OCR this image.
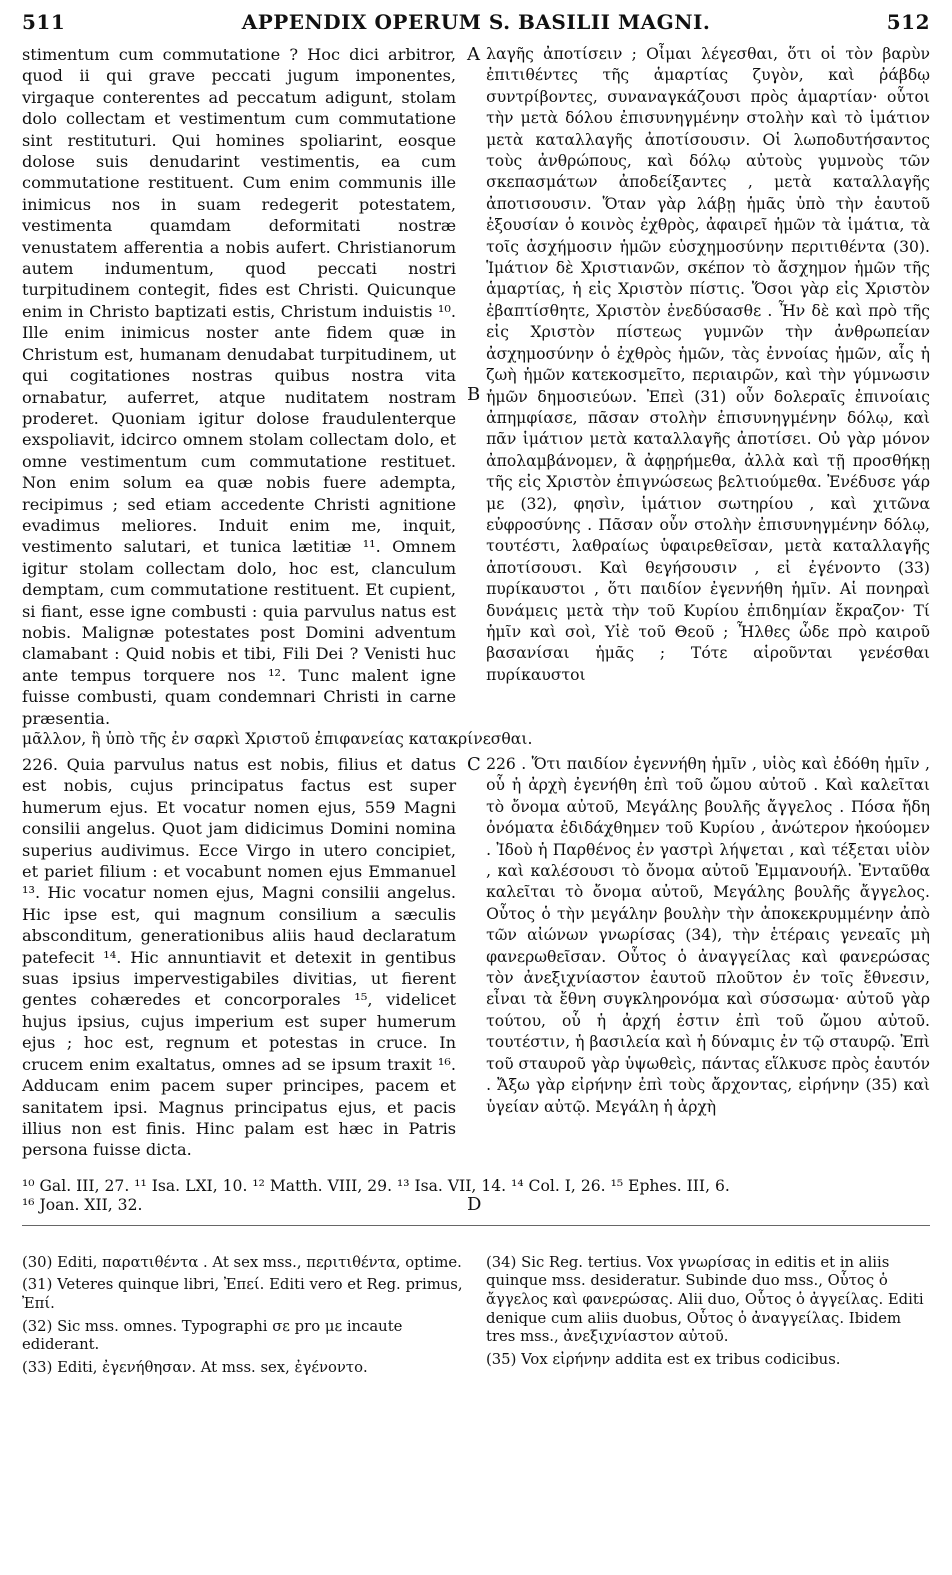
511	APPENDIX OPERUM S. BASILII MAGNI.	512
A
B

stimentum cum commutatione ? Hoc dici arbitror, quod ii qui grave peccati jugum imponentes, virgaque conterentes ad peccatum adigunt, stolam dolo collectam et vestimentum cum commutatione sint restituturi. Qui homines spoliarint, eosque dolose suis denudarint vestimentis, ea cum commutatione restituent. Cum enim communis ille inimicus nos in suam redegerit potestatem, vestimenta quamdam deformitati nostræ venustatem afferentia a nobis aufert. Christianorum autem indumentum, quod peccati nostri turpitudinem contegit, fides est Christi. Quicunque enim in Christo baptizati estis, Christum induistis ¹⁰. Ille enim inimicus noster ante fidem quæ in Christum est, humanam denudabat turpitudinem, ut qui cogitationes nostras quibus nostra vita ornabatur, auferret, atque nuditatem nostram proderet. Quoniam igitur dolose fraudulenterque exspoliavit, idcirco omnem stolam collectam dolo, et omne vestimentum cum commutatione restituet. Non enim solum ea quæ nobis fuere adempta, recipimus ; sed etiam accedente Christi agnitione evadimus meliores. Induit enim me, inquit, vestimento salutari, et tunica lætitiæ ¹¹. Omnem igitur stolam collectam dolo, hoc est, clanculum demptam, cum commutatione restituent. Et cupient, si fiant, esse igne combusti : quia parvulus natus est nobis. Malignæ potestates post Domini adventum clamabant : Quid nobis et tibi, Fili Dei ? Venisti huc ante tempus torquere nos ¹². Tunc malent igne fuisse combusti, quam condemnari Christi in carne præsentia.

λαγῆς ἀποτίσειν ; Οἶμαι λέγεσθαι, ὅτι οἱ τὸν βαρὺν ἐπιτιθέντες τῆς ἁμαρτίας ζυγὸν, καὶ ῥάβδῳ συντρίβοντες, συναναγκάζουσι πρὸς ἁμαρτίαν· οὗτοι τὴν μετὰ δόλου ἐπισυνηγμένην στολὴν καὶ τὸ ἱμάτιον μετὰ καταλλαγῆς ἀποτίσουσιν. Οἱ λωποδυτήσαντος τοὺς ἀνθρώπους, καὶ δόλῳ αὐτοὺς γυμνοὺς τῶν σκεπασμάτων ἀποδείξαντες , μετὰ καταλλαγῆς ἀποτισουσιν. Ὅταν γὰρ λάβῃ ἡμᾶς ὑπὸ τὴν ἑαυτοῦ ἐξουσίαν ὁ κοινὸς ἐχθρὸς, ἀφαιρεῖ ἡμῶν τὰ ἱμάτια, τὰ τοῖς ἀσχήμοσιν ἡμῶν εὐσχημοσύνην περιτιθέντα (30). Ἱμάτιον δὲ Χριστιανῶν, σκέπον τὸ ἄσχημον ἡμῶν τῆς ἁμαρτίας, ἡ εἰς Χριστὸν πίστις. Ὅσοι γὰρ εἰς Χριστὸν ἐβαπτίσθητε, Χριστὸν ἐνεδύσασθε . Ἦν δὲ καὶ πρὸ τῆς εἰς Χριστὸν πίστεως γυμνῶν τὴν ἀνθρωπείαν ἀσχημοσύνην ὁ ἐχθρὸς ἡμῶν, τὰς ἐννοίας ἡμῶν, αἷς ἡ ζωὴ ἡμῶν κατεκοσμεῖτο, περιαιρῶν, καὶ τὴν γύμνωσιν ἡμῶν δημοσιεύων. Ἐπεὶ (31) οὖν δολεραῖς ἐπινοίαις ἀπημφίασε, πᾶσαν στολὴν ἐπισυνηγμένην δόλῳ, καὶ πᾶν ἱμάτιον μετὰ καταλλαγῆς ἀποτίσει. Οὐ γὰρ μόνον ἀπολαμβάνομεν, ἃ ἀφῃρήμεθα, ἀλλὰ καὶ τῇ προσθήκῃ τῆς εἰς Χριστὸν ἐπιγνώσεως βελτιούμεθα. Ἐνέδυσε γάρ με (32), φησὶν, ἱμάτιον σωτηρίου , καὶ χιτῶνα εὐφροσύνης . Πᾶσαν οὖν στολὴν ἐπισυνηγμένην δόλῳ, τουτέστι, λαθραίως ὑφαιρεθεῖσαν, μετὰ καταλλαγῆς ἀποτίσουσι. Καὶ θεγήσουσιν , εἰ ἐγένοντο (33) πυρίκαυστοι , ὅτι παιδίον ἐγεννήθη ἡμῖν. Αἱ πονηραὶ δυνάμεις μετὰ τὴν τοῦ Κυρίου ἐπιδημίαν ἔκραζον· Τί ἡμῖν καὶ σοὶ, Υἱὲ τοῦ Θεοῦ ; Ἦλθες ὧδε πρὸ καιροῦ βασανίσαι ἡμᾶς ; Τότε αἱροῦνται γενέσθαι πυρίκαυστοι

μᾶλλον, ἢ ὑπὸ τῆς ἐν σαρκὶ Χριστοῦ ἐπιφανείας κατακρίνεσθαι.
C
D

226. Quia parvulus natus est nobis, filius et datus est nobis, cujus principatus factus est super humerum ejus. Et vocatur nomen ejus, 559 Magni consilii angelus. Quot jam didicimus Domini nomina superius audivimus. Ecce Virgo in utero concipiet, et pariet filium : et vocabunt nomen ejus Emmanuel ¹³. Hic vocatur nomen ejus, Magni consilii angelus. Hic ipse est, qui magnum consilium a sæculis absconditum, generationibus aliis haud declaratum patefecit ¹⁴. Hic annuntiavit et detexit in gentibus suas ipsius impervestigabiles divitias, ut fierent gentes cohæredes et concorporales ¹⁵, videlicet hujus ipsius, cujus imperium est super humerum ejus ; hoc est, regnum et potestas in cruce. In crucem enim exaltatus, omnes ad se ipsum traxit ¹⁶. Adducam enim pacem super principes, pacem et sanitatem ipsi. Magnus principatus ejus, et pacis illius non est finis. Hinc palam est hæc in Patris persona fuisse dicta.

226 . Ὅτι παιδίον ἐγεννήθη ἡμῖν , υἱὸς καὶ ἐδόθη ἡμῖν , οὗ ἡ ἀρχὴ ἐγενήθη ἐπὶ τοῦ ὤμου αὐτοῦ . Καὶ καλεῖται τὸ ὄνομα αὐτοῦ, Μεγάλης βουλῆς ἄγγελος . Πόσα ἤδη ὀνόματα ἐδιδάχθημεν τοῦ Κυρίου , ἀνώτερον ἠκούομεν . Ἰδοὺ ἡ Παρθένος ἐν γαστρὶ λήψεται , καὶ τέξεται υἱὸν , καὶ καλέσουσι τὸ ὄνομα αὐτοῦ Ἐμμανουήλ. Ἐνταῦθα καλεῖται τὸ ὄνομα αὐτοῦ, Μεγάλης βουλῆς ἄγγελος. Οὗτος ὁ τὴν μεγάλην βουλὴν τὴν ἀποκεκρυμμένην ἀπὸ τῶν αἰώνων γνωρίσας (34), τὴν ἑτέραις γενεαῖς μὴ φανερωθεῖσαν. Οὗτος ὁ ἀναγγείλας καὶ φανερώσας τὸν ἀνεξιχνίαστον ἑαυτοῦ πλοῦτον ἐν τοῖς ἔθνεσιν, εἶναι τὰ ἔθνη συγκληρονόμα καὶ σύσσωμα· αὐτοῦ γὰρ τούτου, οὗ ἡ ἀρχή ἐστιν ἐπὶ τοῦ ὤμου αὐτοῦ. τουτέστιν, ἡ βασιλεία καὶ ἡ δύναμις ἐν τῷ σταυρῷ. Ἐπὶ τοῦ σταυροῦ γὰρ ὑψωθεὶς, πάντας εἵλκυσε πρὸς ἑαυτόν . Ἄξω γὰρ εἰρήνην ἐπὶ τοὺς ἄρχοντας, εἰρήνην (35) καὶ ὑγείαν αὐτῷ. Μεγάλη ἡ ἀρχὴ

¹⁰ Gal. III, 27. ¹¹ Isa. LXI, 10. ¹² Matth. VIII, 29. ¹³ Isa. VII, 14. ¹⁴ Col. I, 26. ¹⁵ Ephes. III, 6.
¹⁶ Joan. XII, 32.

(30) Editi, παρατιθέντα . At sex mss., περιτιθέντα, optime.

(31) Veteres quinque libri, Ἐπεί. Editi vero et Reg. primus, Ἐπί.

(32) Sic mss. omnes. Typographi σε pro με incaute ediderant.

(33) Editi, ἐγενήθησαν. At mss. sex, ἐγένοντο.

(34) Sic Reg. tertius. Vox γνωρίσας in editis et in aliis quinque mss. desideratur. Subinde duo mss., Οὗτος ὁ ἄγγελος καὶ φανερώσας. Alii duo, Οὗτος ὁ ἀγγείλας. Editi denique cum aliis duobus, Οὗτος ὁ ἀναγγείλας. Ibidem tres mss., ἀνεξιχνίαστον αὐτοῦ.

(35) Vox εἰρήνην addita est ex tribus codicibus.
